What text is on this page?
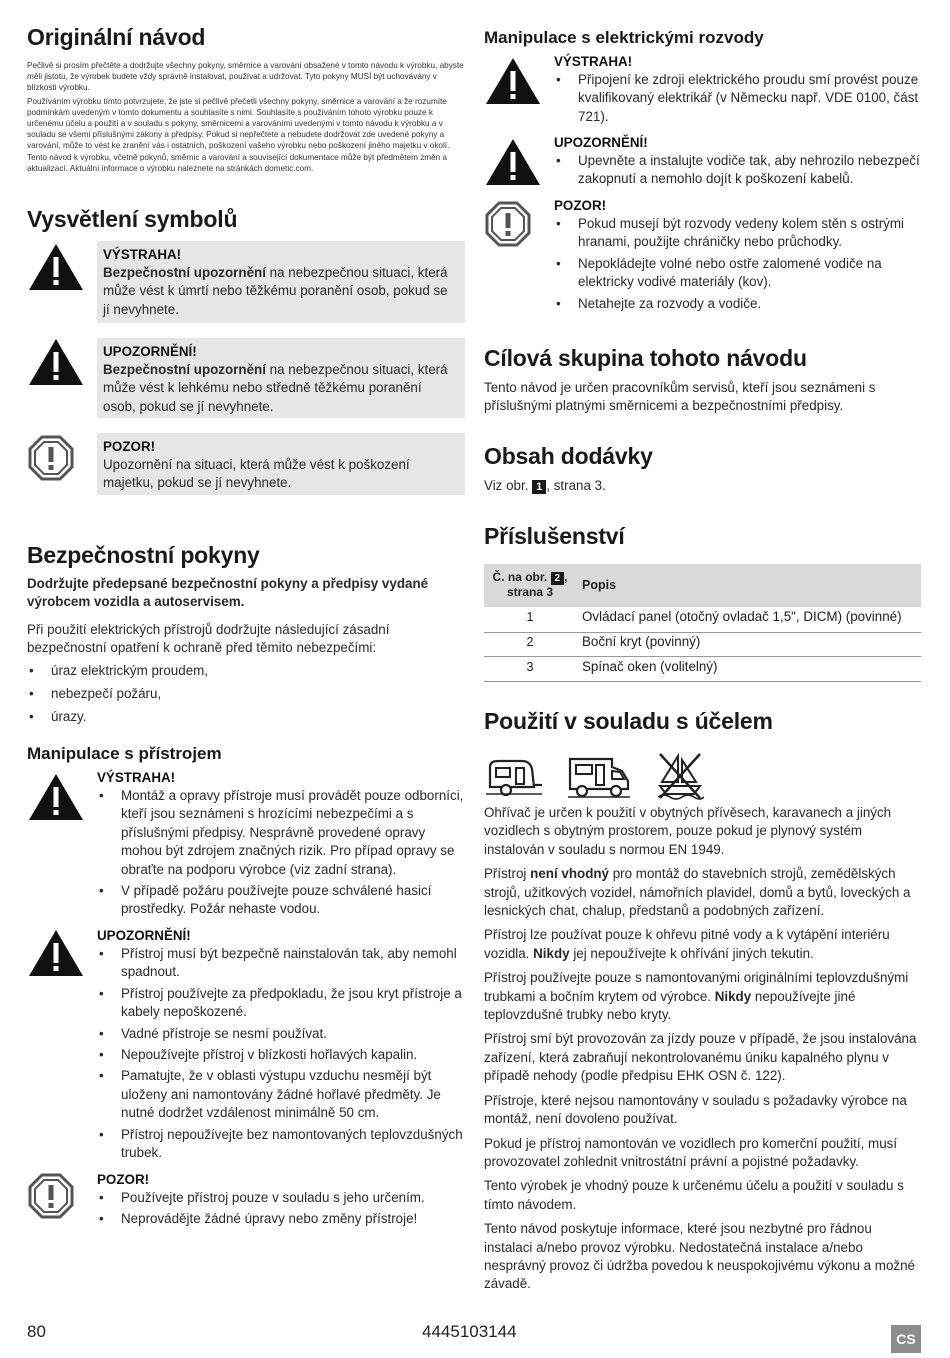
Originální návod

Pečlivě si prosím přečtěte a dodržujte všechny pokyny, směrnice a varování obsažené v tomto návodu k výrobku, abyste měli jistotu, že výrobek budete vždy správně instalovat, používat a udržovat. Tyto pokyny MUSÍ být uchovávány v blízkosti výrobku.

Používáním výrobku tímto potvrzujete, že jste si pečlivě přečetli všechny pokyny, směrnice a varování a že rozumíte podmínkám uvedeným v tomto dokumentu a souhlasíte s nimi. Souhlasíte s používáním tohoto výrobku pouze k určenému účelu a použití a v souladu s pokyny, směrnicemi a varováními uvedenými v tomto návodu k výrobku a v souladu se všemi příslušnými zákony a předpisy. Pokud si nepřečtete a nebudete dodržovat zde uvedené pokyny a varování, může to vést ke zranění vás i ostatních, poškození vašeho výrobku nebo poškození jiného majetku v okolí. Tento návod k výrobku, včetně pokynů, směrnic a varování a související dokumentace může být předmětem změn a aktualizací. Aktuální informace o výrobku naleznete na stránkách dometic.com.

Vysvětlení symbolů
VÝSTRAHA!
Bezpečnostní upozornění na nebezpečnou situaci, která může vést k úmrtí nebo těžkému poranění osob, pokud se jí nevyhnete.
UPOZORNĚNÍ!
Bezpečnostní upozornění na nebezpečnou situaci, která může vést k lehkému nebo středně těžkému poranění osob, pokud se jí nevyhnete.
POZOR!
Upozornění na situaci, která může vést k poškození majetku, pokud se jí nevyhnete.
Bezpečnostní pokyny

Dodržujte předepsané bezpečnostní pokyny a předpisy vydané výrobcem vozidla a autoservisem.

Při použití elektrických přístrojů dodržujte následující zásadní bezpečnostní opatření k ochraně před těmito nebezpečími:

• úraz elektrickým proudem,
• nebezpečí požáru,
• úrazy.
Manipulace s přístrojem
VÝSTRAHA!
• Montáž a opravy přístroje musí provádět pouze odborníci, kteří jsou seznámeni s hrozícími nebezpečími a s příslušnými předpisy. Nesprávně provedené opravy mohou být zdrojem značných rizik. Pro případ opravy se obraťte na podporu výrobce (viz zadní strana).
• V případě požáru používejte pouze schválené hasicí prostředky. Požár nehaste vodou.
UPOZORNĚNÍ!
• Přístroj musí být bezpečně nainstalován tak, aby nemohl spadnout.
• Přístroj používejte za předpokladu, že jsou kryt přístroje a kabely nepoškozené.
• Vadné přístroje se nesmí používat.
• Nepoužívejte přístroj v blízkosti hořlavých kapalin.
• Pamatujte, že v oblasti výstupu vzduchu nesmějí být uloženy ani namontovány žádné hořlavé předměty. Je nutné dodržet vzdálenost minimálně 50 cm.
• Přístroj nepoužívejte bez namontovaných teplovzdušných trubek.
POZOR!
• Používejte přístroj pouze v souladu s jeho určením.
• Neprovádějte žádné úpravy nebo změny přístroje!
Manipulace s elektrickými rozvody
VÝSTRAHA!
• Připojení ke zdroji elektrického proudu smí provést pouze kvalifikovaný elektrikář (v Německu např. VDE 0100, část 721).
UPOZORNĚNÍ!
• Upevněte a instalujte vodiče tak, aby nehrozilo nebezpečí zakopnutí a nemohlo dojít k poškození kabelů.
POZOR!
• Pokud musejí být rozvody vedeny kolem stěn s ostrými hranami, použijte chráničky nebo průchodky.
• Nepokládejte volné nebo ostře zalomené vodiče na elektricky vodivé materiály (kov).
• Netahejte za rozvody a vodiče.
Cílová skupina tohoto návodu

Tento návod je určen pracovníkům servisů, kteří jsou seznámeni s příslušnými platnými směrnicemi a bezpečnostními předpisy.

Obsah dodávky

Viz obr. 1 , strana 3.

Příslušenství
Č. na obr. 2 ,
strana 3	Popis
1	Ovládací panel (otočný ovladač 1,5", DICM) (povinné)
2	Boční kryt (povinný)
3	Spínač oken (volitelný)
Použití v souladu s účelem

Ohřívač je určen k použití v obytných přívěsech, karavanech a jiných vozidlech s obytným prostorem, pouze pokud je plynový systém instalován v souladu s normou EN 1949.

Přístroj není vhodný pro montáž do stavebních strojů, zemědělských strojů, užitkových vozidel, námořních plavidel, domů a bytů, loveckých a lesnických chat, chalup, předstanů a podobných zařízení.

Přístroj lze používat pouze k ohřevu pitné vody a k vytápění interiéru vozidla. Nikdy jej nepoužívejte k ohřívání jiných tekutin.

Přístroj používejte pouze s namontovanými originálními teplovzdušnými trubkami a bočním krytem od výrobce. Nikdy nepoužívejte jiné teplovzdušné trubky nebo kryty.

Přístroj smí být provozován za jízdy pouze v případě, že jsou instalována zařízení, která zabraňují nekontrolovanému úniku kapalného plynu v případě nehody (podle předpisu EHK OSN č. 122).

Přístroje, které nejsou namontovány v souladu s požadavky výrobce na montáž, není dovoleno používat.

Pokud je přístroj namontován ve vozidlech pro komerční použití, musí provozovatel zohlednit vnitrostátní právní a pojistné požadavky.

Tento výrobek je vhodný pouze k určenému účelu a použití v souladu s tímto návodem.

Tento návod poskytuje informace, které jsou nezbytné pro řádnou instalaci a/nebo provoz výrobku. Nedostatečná instalace a/nebo nesprávný provoz či údržba povedou k neuspokojivému výkonu a možné závadě.

80	4445103144	CS
